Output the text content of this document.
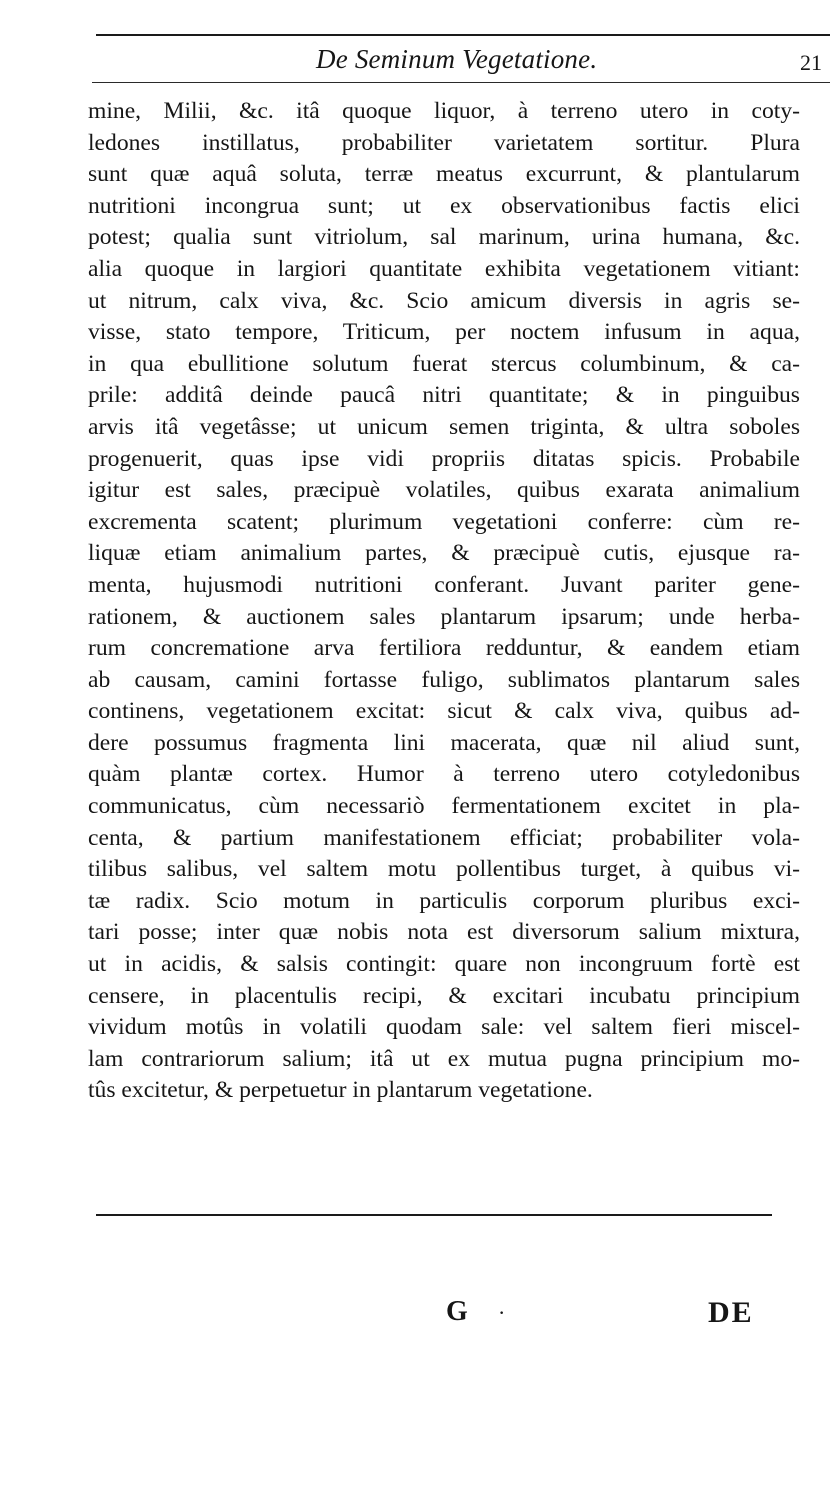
De Seminum Vegetatione.	21
mine, Milii, &c. itâ quoque liquor, à terreno utero in coty-
ledones instillatus, probabiliter varietatem sortitur. Plura
sunt quæ aquâ soluta, terræ meatus excurrunt, & plantularum
nutritioni incongrua sunt; ut ex observationibus factis elici
potest; qualia sunt vitriolum, sal marinum, urina humana, &c.
alia quoque in largiori quantitate exhibita vegetationem vitiant:
ut nitrum, calx viva, &c. Scio amicum diversis in agris se-
visse, stato tempore, Triticum, per noctem infusum in aqua,
in qua ebullitione solutum fuerat stercus columbinum, & ca-
prile: additâ deinde paucâ nitri quantitate; & in pinguibus
arvis itâ vegetâsse; ut unicum semen triginta, & ultra soboles
progenuerit, quas ipse vidi propriis ditatas spicis. Probabile
igitur est sales, præcipuè volatiles, quibus exarata animalium
excrementa scatent; plurimum vegetationi conferre: cùm re-
liquæ etiam animalium partes, & præcipuè cutis, ejusque ra-
menta, hujusmodi nutritioni conferant. Juvant pariter gene-
rationem, & auctionem sales plantarum ipsarum; unde herba-
rum concrematione arva fertiliora redduntur, & eandem etiam
ab causam, camini fortasse fuligo, sublimatos plantarum sales
continens, vegetationem excitat: sicut & calx viva, quibus ad-
dere possumus fragmenta lini macerata, quæ nil aliud sunt,
quàm plantæ cortex. Humor à terreno utero cotyledonibus
communicatus, cùm necessariò fermentationem excitet in pla-
centa, & partium manifestationem efficiat; probabiliter vola-
tilibus salibus, vel saltem motu pollentibus turget, à quibus vi-
tæ radix. Scio motum in particulis corporum pluribus exci-
tari posse; inter quæ nobis nota est diversorum salium mixtura,
ut in acidis, & salsis contingit: quare non incongruum fortè est
censere, in placentulis recipi, & excitari incubatu principium
vividum motûs in volatili quodam sale: vel saltem fieri miscel-
lam contrariorum salium; itâ ut ex mutua pugna principium mo-
tûs excitetur, & perpetuetur in plantarum vegetatione.
G ·	DE
